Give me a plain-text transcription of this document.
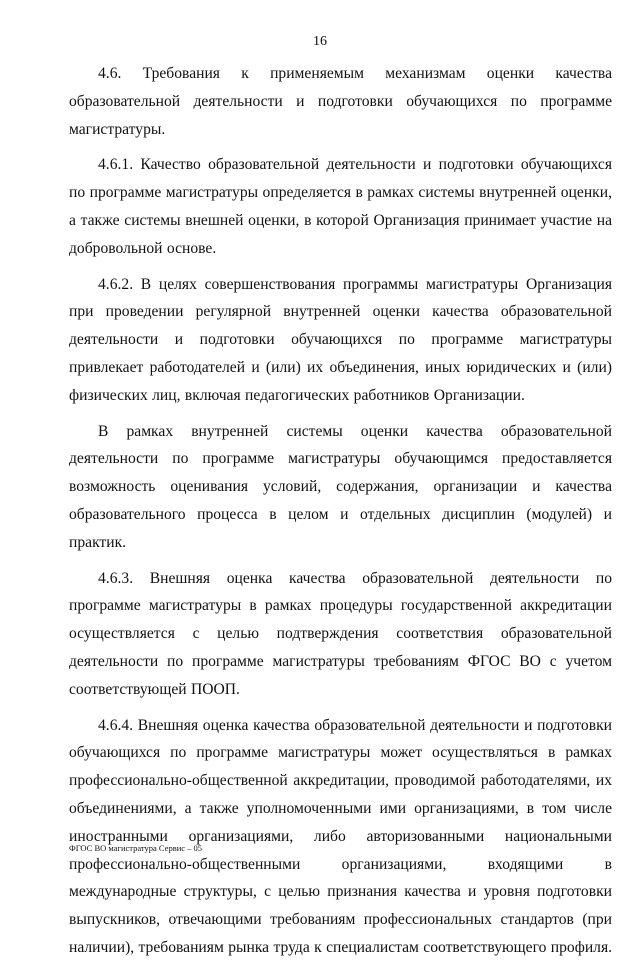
16

4.6. Требования к применяемым механизмам оценки качества образовательной деятельности и подготовки обучающихся по программе магистратуры.

4.6.1. Качество образовательной деятельности и подготовки обучающихся по программе магистратуры определяется в рамках системы внутренней оценки, а также системы внешней оценки, в которой Организация принимает участие на добровольной основе.

4.6.2. В целях совершенствования программы магистратуры Организация при проведении регулярной внутренней оценки качества образовательной деятельности и подготовки обучающихся по программе магистратуры привлекает работодателей и (или) их объединения, иных юридических и (или) физических лиц, включая педагогических работников Организации.

В рамках внутренней системы оценки качества образовательной деятельности по программе магистратуры обучающимся предоставляется возможность оценивания условий, содержания, организации и качества образовательного процесса в целом и отдельных дисциплин (модулей) и практик.

4.6.3. Внешняя оценка качества образовательной деятельности по программе магистратуры в рамках процедуры государственной аккредитации осуществляется с целью подтверждения соответствия образовательной деятельности по программе магистратуры требованиям ФГОС ВО с учетом соответствующей ПООП.

4.6.4. Внешняя оценка качества образовательной деятельности и подготовки обучающихся по программе магистратуры может осуществляться в рамках профессионально-общественной аккредитации, проводимой работодателями, их объединениями, а также уполномоченными ими организациями, в том числе иностранными организациями, либо авторизованными национальными профессионально-общественными организациями, входящими в международные структуры, с целью признания качества и уровня подготовки выпускников, отвечающими требованиям профессиональных стандартов (при наличии), требованиям рынка труда к специалистам соответствующего профиля.

ФГОС ВО магистратура Сервис – 05
